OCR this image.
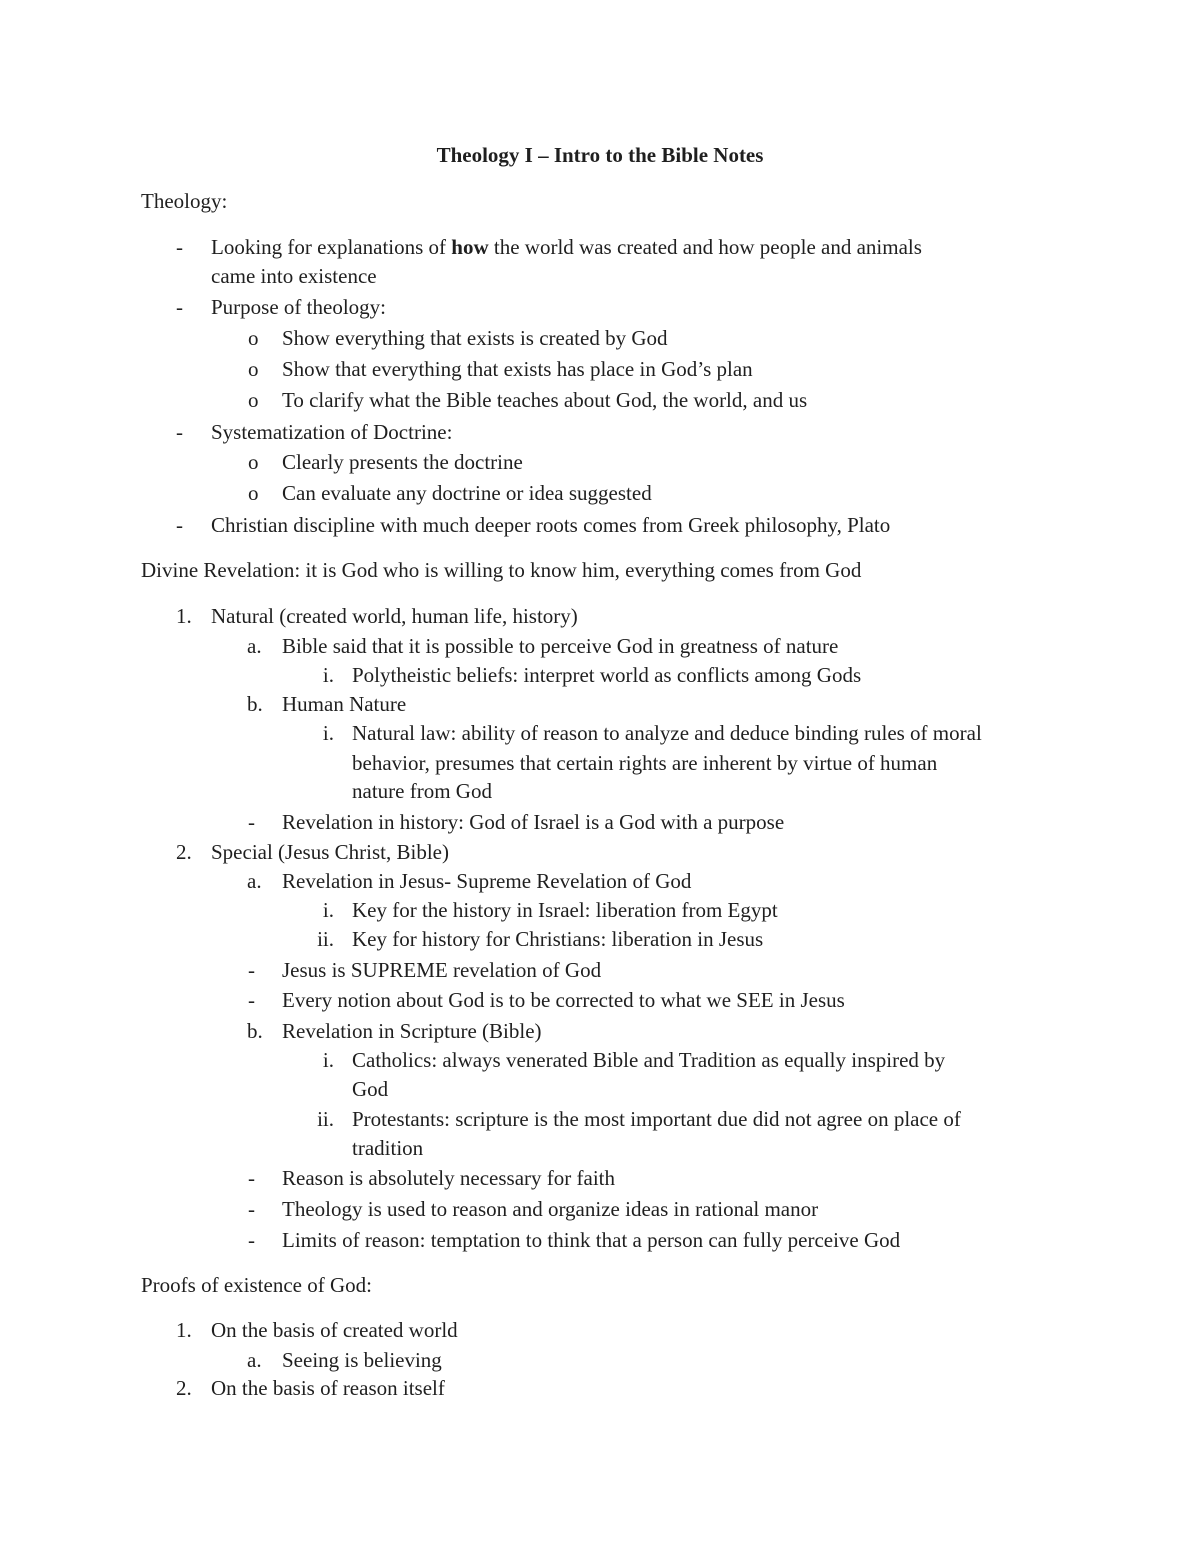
Theology I – Intro to the Bible Notes
Theology:
- Looking for explanations of how the world was created and how people and animals
came into existence
- Purpose of theology:
o Show everything that exists is created by God
o Show that everything that exists has place in God’s plan
o To clarify what the Bible teaches about God, the world, and us
- Systematization of Doctrine:
o Clearly presents the doctrine
o Can evaluate any doctrine or idea suggested
- Christian discipline with much deeper roots comes from Greek philosophy, Plato
Divine Revelation: it is God who is willing to know him, everything comes from God
1. Natural (created world, human life, history)
a. Bible said that it is possible to perceive God in greatness of nature
i. Polytheistic beliefs: interpret world as conflicts among Gods
b. Human Nature
i. Natural law: ability of reason to analyze and deduce binding rules of moral
behavior, presumes that certain rights are inherent by virtue of human
nature from God
- Revelation in history: God of Israel is a God with a purpose
2. Special (Jesus Christ, Bible)
a. Revelation in Jesus- Supreme Revelation of God
i. Key for the history in Israel: liberation from Egypt
ii. Key for history for Christians: liberation in Jesus
- Jesus is SUPREME revelation of God
- Every notion about God is to be corrected to what we SEE in Jesus
b. Revelation in Scripture (Bible)
i. Catholics: always venerated Bible and Tradition as equally inspired by
God
ii. Protestants: scripture is the most important due did not agree on place of
tradition
- Reason is absolutely necessary for faith
- Theology is used to reason and organize ideas in rational manor
- Limits of reason: temptation to think that a person can fully perceive God
Proofs of existence of God:
1. On the basis of created world
a. Seeing is believing
2. On the basis of reason itself
